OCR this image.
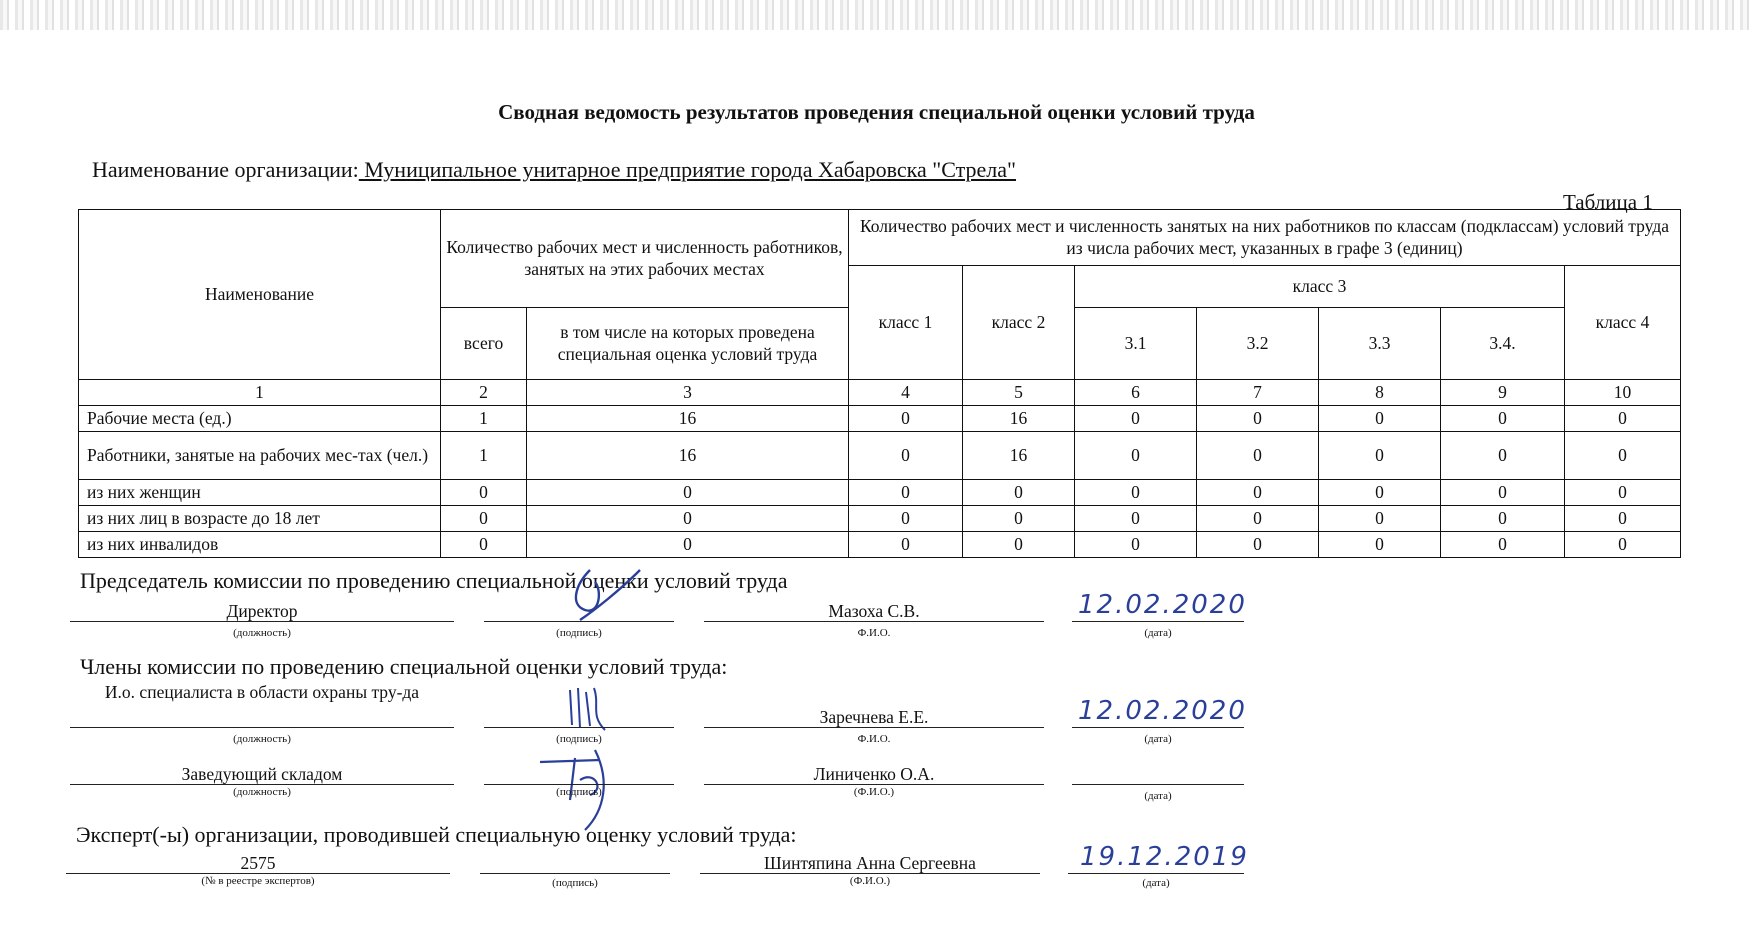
Сводная ведомость результатов проведения специальной оценки условий труда
Наименование организации: Муниципальное унитарное предприятие города Хабаровска "Стрела"
Таблица 1
Наименование	Количество рабочих мест и численность работников, занятых на этих рабочих местах		Количество рабочих мест и численность занятых на них работников по классам (подклассам) условий труда из числа рабочих мест, указанных в графе 3 (единиц)						
			класс 1	класс 2	класс 3				класс 4
	всего	в том числе на которых проведена специальная оценка условий труда			3.1	3.2	3.3	3.4.	
1	2	3	4	5	6	7	8	9	10
Рабочие места (ед.)	1	16	0	16	0	0	0	0	0
Работники, занятые на рабочих мес-тах (чел.)	1	16	0	16	0	0	0	0	0
из них женщин	0	0	0	0	0	0	0	0	0
из них лиц в возрасте до 18 лет	0	0	0	0	0	0	0	0	0
из них инвалидов	0	0	0	0	0	0	0	0	0
Председатель комиссии по проведению специальной оценки условий труда
Директор
(должность)	(подпись)
Мазоха С.В.
Ф.И.О.
12.02.2020
(дата)
Члены комиссии по проведению специальной оценки условий труда:
И.о. специалиста в области охраны тру-да
(должность)	(подпись)
Заречнева Е.Е.
Ф.И.О.
12.02.2020
(дата)
Заведующий складом
(должность)	(подпись)
Линиченко О.А.
(Ф.И.О.)	(дата)
Эксперт(-ы) организации, проводившей специальную оценку условий труда:
2575
(№ в реестре экспертов)	(подпись)
Шинтяпина Анна Сергеевна
(Ф.И.О.)
19.12.2019
(дата)
